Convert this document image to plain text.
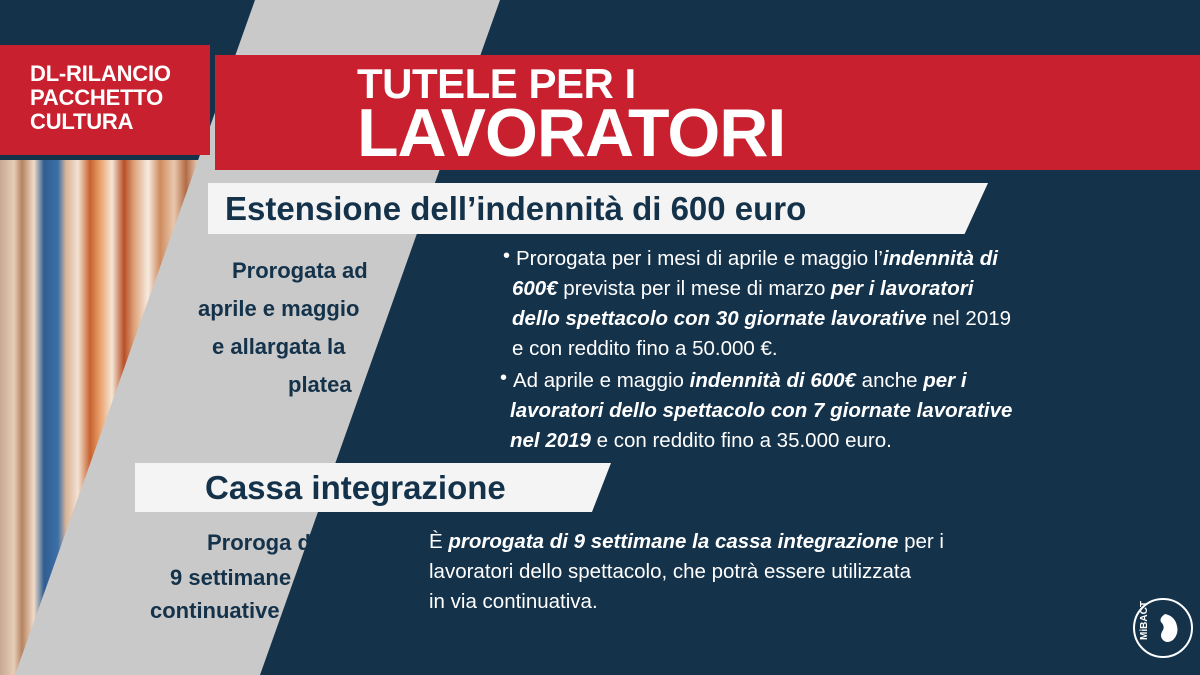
DL-RILANCIO
PACCHETTO
CULTURA
TUTELE PER I
LAVORATORI
Estensione dell’indennità di 600 euro
Prorogata ad
aprile e maggio
e allargata la
platea
• Prorogata per i mesi di aprile e maggio l’indennità di
600€ prevista per il mese di marzo per i lavoratori
dello spettacolo con 30 giornate lavorative nel 2019
e con reddito fino a 50.000 €.
• Ad aprile e maggio indennità di 600€ anche per i
lavoratori dello spettacolo con 7 giornate lavorative
nel 2019 e con reddito fino a 35.000 euro.
Cassa integrazione
Proroga di
9 settimane
continuative
È prorogata di 9 settimane la cassa integrazione per i
lavoratori dello spettacolo, che potrà essere utilizzata
in via continuativa.	MiBACT
